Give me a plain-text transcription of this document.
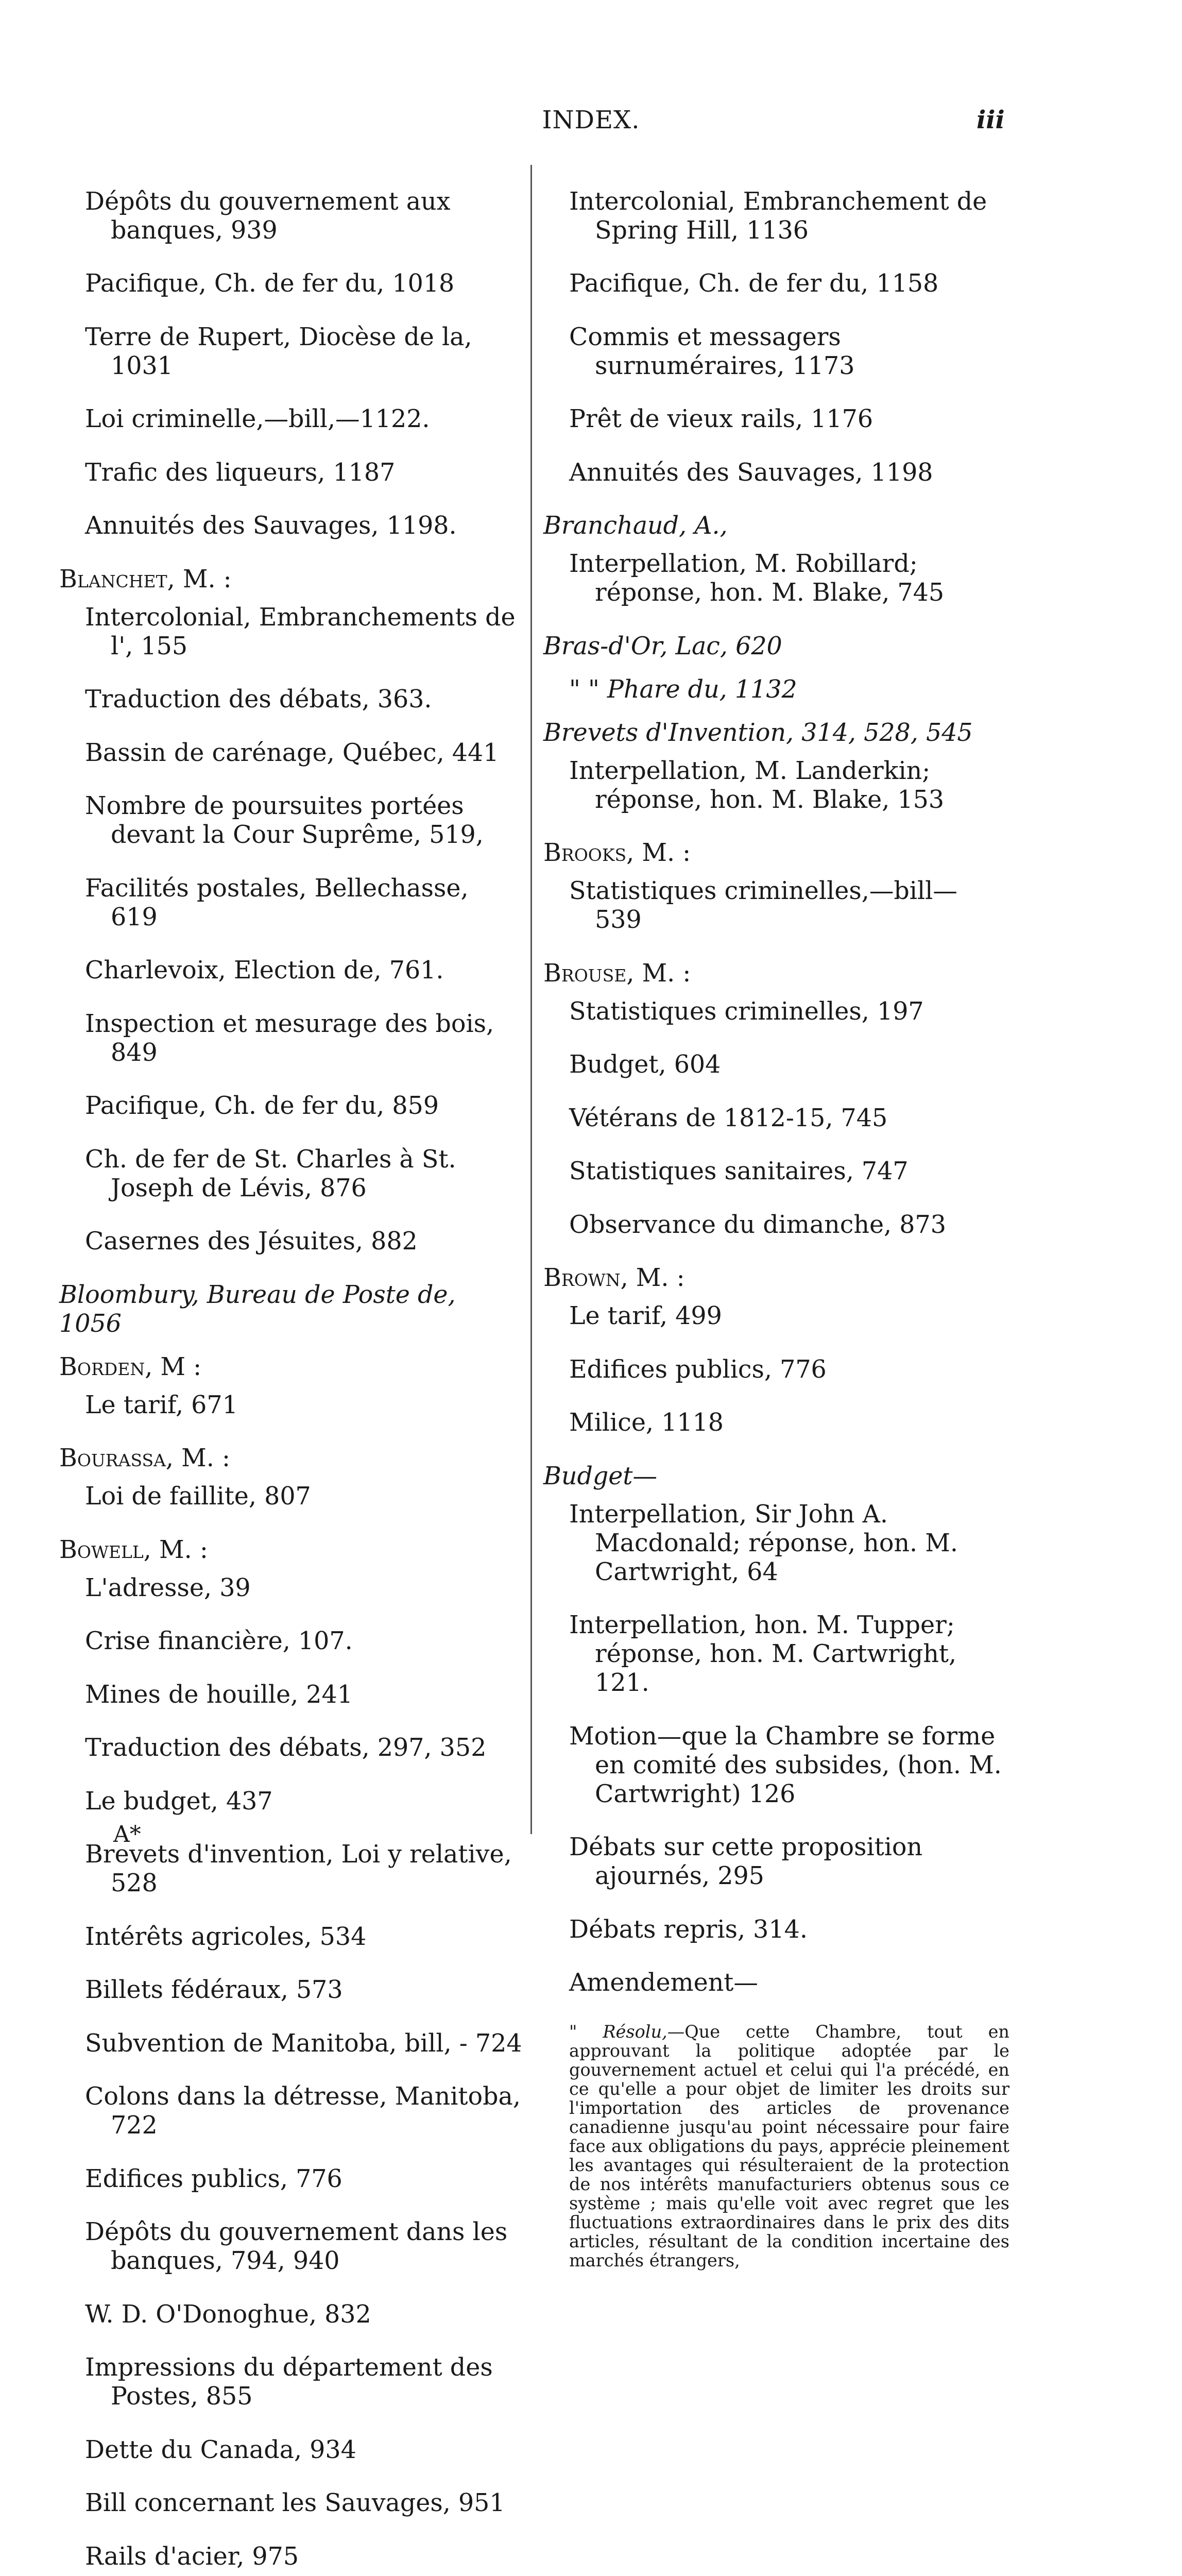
INDEX.	iii

Dépôts du gouvernement aux banques, 939

Pacifique, Ch. de fer du, 1018

Terre de Rupert, Diocèse de la, 1031

Loi criminelle,—bill,—1122.

Trafic des liqueurs, 1187

Annuités des Sauvages, 1198.

Blanchet, M. :

Intercolonial, Embranchements de l', 155

Traduction des débats, 363.

Bassin de carénage, Québec, 441

Nombre de poursuites portées devant la Cour Suprême, 519,

Facilités postales, Bellechasse, 619

Charlevoix, Election de, 761.

Inspection et mesurage des bois, 849

Pacifique, Ch. de fer du, 859

Ch. de fer de St. Charles à St. Joseph de Lévis, 876

Casernes des Jésuites, 882

Bloombury, Bureau de Poste de, 1056

Borden, M :

Le tarif, 671

Bourassa, M. :

Loi de faillite, 807

Bowell, M. :

L'adresse, 39

Crise financière, 107.

Mines de houille, 241

Traduction des débats, 297, 352

Le budget, 437

Brevets d'invention, Loi y relative, 528

Intérêts agricoles, 534

Billets fédéraux, 573

Subvention de Manitoba, bill, - 724

Colons dans la détresse, Manitoba, 722

Edifices publics, 776

Dépôts du gouvernement dans les banques, 794, 940

W. D. O'Donoghue, 832

Impressions du département des Postes, 855

Dette du Canada, 934

Bill concernant les Sauvages, 951

Rails d'acier, 975

Intercolonial, Embranchement de Spring Hill, 1136

Pacifique, Ch. de fer du, 1158

Commis et messagers surnuméraires, 1173

Prêt de vieux rails, 1176

Annuités des Sauvages, 1198

Branchaud, A.,

Interpellation, M. Robillard; réponse, hon. M. Blake, 745

Bras-d'Or, Lac, 620

" " Phare du, 1132

Brevets d'Invention, 314, 528, 545

Interpellation, M. Landerkin; réponse, hon. M. Blake, 153

Brooks, M. :

Statistiques criminelles,—bill— 539

Brouse, M. :

Statistiques criminelles, 197

Budget, 604

Vétérans de 1812-15, 745

Statistiques sanitaires, 747

Observance du dimanche, 873

Brown, M. :

Le tarif, 499

Edifices publics, 776

Milice, 1118

Budget—

Interpellation, Sir John A. Macdonald; réponse, hon. M. Cartwright, 64

Interpellation, hon. M. Tupper; réponse, hon. M. Cartwright, 121.

Motion—que la Chambre se forme en comité des subsides, (hon. M. Cartwright) 126

Débats sur cette proposition ajournés, 295

Débats repris, 314.

Amendement—

" Résolu,—Que cette Chambre, tout en approuvant la politique adoptée par le gouvernement actuel et celui qui l'a précédé, en ce qu'elle a pour objet de limiter les droits sur l'importation des articles de provenance canadienne jusqu'au point nécessaire pour faire face aux obligations du pays, apprécie pleinement les avantages qui résulteraient de la protection de nos intérêts manufacturiers obtenus sous ce système ; mais qu'elle voit avec regret que les fluctuations extraordinaires dans le prix des dits articles, résultant de la condition incertaine des marchés étrangers,

A*
